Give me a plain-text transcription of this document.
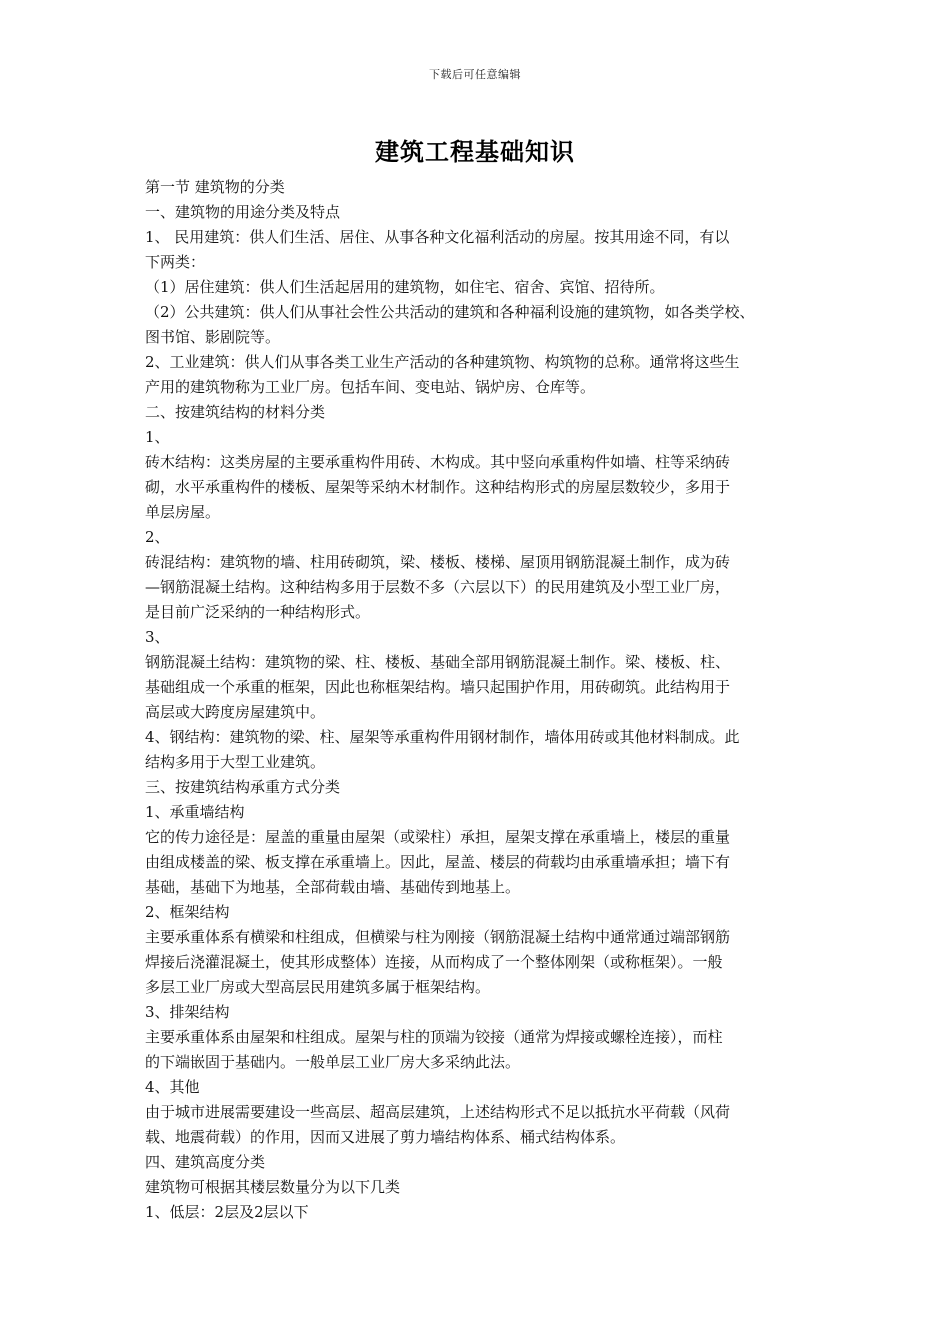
下载后可任意编辑
建筑工程基础知识

第一节 建筑物的分类

一、建筑物的用途分类及特点

1、 民用建筑：供人们生活、居住、从事各种文化福利活动的房屋。按其用途不同，有以

下两类：

（1）居住建筑：供人们生活起居用的建筑物，如住宅、宿舍、宾馆、招待所。

（2）公共建筑：供人们从事社会性公共活动的建筑和各种福利设施的建筑物，如各类学校、

图书馆、影剧院等。

2、工业建筑：供人们从事各类工业生产活动的各种建筑物、构筑物的总称。通常将这些生

产用的建筑物称为工业厂房。包括车间、变电站、锅炉房、仓库等。

二、按建筑结构的材料分类

1、

砖木结构：这类房屋的主要承重构件用砖、木构成。其中竖向承重构件如墙、柱等采纳砖

砌，水平承重构件的楼板、屋架等采纳木材制作。这种结构形式的房屋层数较少，多用于

单层房屋。

2、

砖混结构：建筑物的墙、柱用砖砌筑，梁、楼板、楼梯、屋顶用钢筋混凝土制作，成为砖

—钢筋混凝土结构。这种结构多用于层数不多（六层以下）的民用建筑及小型工业厂房，

是目前广泛采纳的一种结构形式。

3、

钢筋混凝土结构：建筑物的梁、柱、楼板、基础全部用钢筋混凝土制作。梁、楼板、柱、

基础组成一个承重的框架，因此也称框架结构。墙只起围护作用，用砖砌筑。此结构用于

高层或大跨度房屋建筑中。

4、钢结构：建筑物的梁、柱、屋架等承重构件用钢材制作，墙体用砖或其他材料制成。此

结构多用于大型工业建筑。

三、按建筑结构承重方式分类

1、承重墙结构

它的传力途径是：屋盖的重量由屋架（或梁柱）承担，屋架支撑在承重墙上，楼层的重量

由组成楼盖的梁、板支撑在承重墙上。因此，屋盖、楼层的荷载均由承重墙承担；墙下有

基础，基础下为地基，全部荷载由墙、基础传到地基上。

2、框架结构

主要承重体系有横梁和柱组成，但横梁与柱为刚接（钢筋混凝土结构中通常通过端部钢筋

焊接后浇灌混凝土，使其形成整体）连接，从而构成了一个整体刚架（或称框架）。一般

多层工业厂房或大型高层民用建筑多属于框架结构。

3、排架结构

主要承重体系由屋架和柱组成。屋架与柱的顶端为铰接（通常为焊接或螺栓连接），而柱

的下端嵌固于基础内。一般单层工业厂房大多采纳此法。

4、其他

由于城市进展需要建设一些高层、超高层建筑，上述结构形式不足以抵抗水平荷载（风荷

载、地震荷载）的作用，因而又进展了剪力墙结构体系、桶式结构体系。

四、建筑高度分类

建筑物可根据其楼层数量分为以下几类

1、低层：2层及2层以下
